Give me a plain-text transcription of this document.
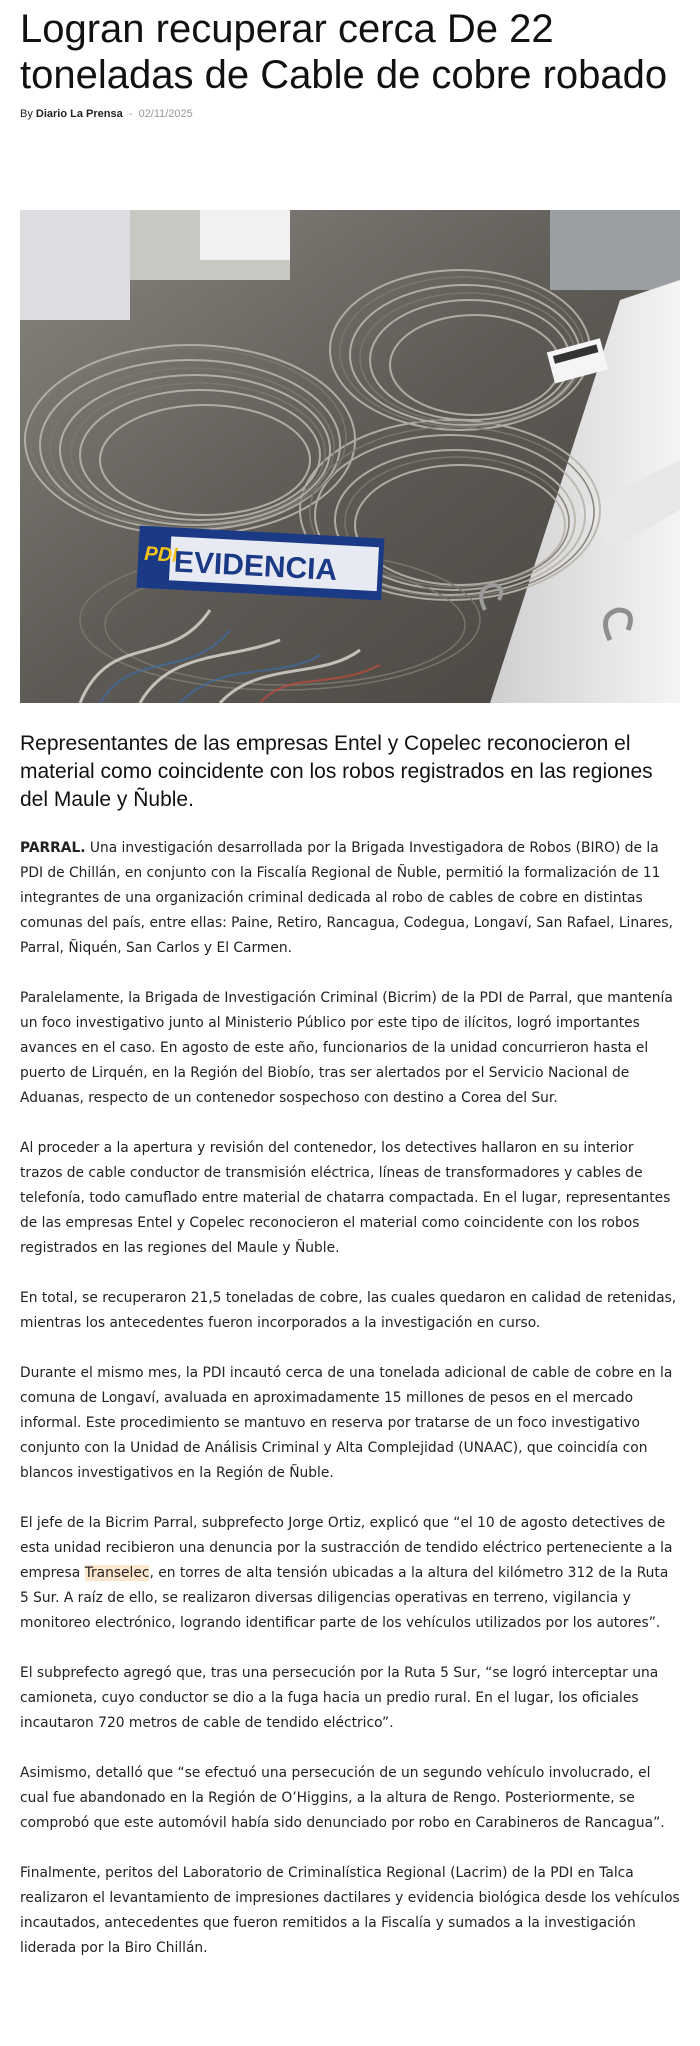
Logran recuperar cerca De 22 toneladas de Cable de cobre robado
By Diario La Prensa - 02/11/2025
PDI
EVIDENCIA

Representantes de las empresas Entel y Copelec reconocieron el material como coincidente con los robos registrados en las regiones del Maule y Ñuble.

PARRAL. Una investigación desarrollada por la Brigada Investigadora de Robos (BIRO) de la PDI de Chillán, en conjunto con la Fiscalía Regional de Ñuble, permitió la formalización de 11 integrantes de una organización criminal dedicada al robo de cables de cobre en distintas comunas del país, entre ellas: Paine, Retiro, Rancagua, Codegua, Longaví, San Rafael, Linares, Parral, Ñiquén, San Carlos y El Carmen.

Paralelamente, la Brigada de Investigación Criminal (Bicrim) de la PDI de Parral, que mantenía un foco investigativo junto al Ministerio Público por este tipo de ilícitos, logró importantes avances en el caso. En agosto de este año, funcionarios de la unidad concurrieron hasta el puerto de Lirquén, en la Región del Biobío, tras ser alertados por el Servicio Nacional de Aduanas, respecto de un contenedor sospechoso con destino a Corea del Sur.

Al proceder a la apertura y revisión del contenedor, los detectives hallaron en su interior trazos de cable conductor de transmisión eléctrica, líneas de transformadores y cables de telefonía, todo camuflado entre material de chatarra compactada. En el lugar, representantes de las empresas Entel y Copelec reconocieron el material como coincidente con los robos registrados en las regiones del Maule y Ñuble.

En total, se recuperaron 21,5 toneladas de cobre, las cuales quedaron en calidad de retenidas, mientras los antecedentes fueron incorporados a la investigación en curso.

Durante el mismo mes, la PDI incautó cerca de una tonelada adicional de cable de cobre en la comuna de Longaví, avaluada en aproximadamente 15 millones de pesos en el mercado informal. Este procedimiento se mantuvo en reserva por tratarse de un foco investigativo conjunto con la Unidad de Análisis Criminal y Alta Complejidad (UNAAC), que coincidía con blancos investigativos en la Región de Ñuble.

El jefe de la Bicrim Parral, subprefecto Jorge Ortiz, explicó que “el 10 de agosto detectives de esta unidad recibieron una denuncia por la sustracción de tendido eléctrico perteneciente a la empresa Transelec, en torres de alta tensión ubicadas a la altura del kilómetro 312 de la Ruta 5 Sur. A raíz de ello, se realizaron diversas diligencias operativas en terreno, vigilancia y monitoreo electrónico, logrando identificar parte de los vehículos utilizados por los autores”.

El subprefecto agregó que, tras una persecución por la Ruta 5 Sur, “se logró interceptar una camioneta, cuyo conductor se dio a la fuga hacia un predio rural. En el lugar, los oficiales incautaron 720 metros de cable de tendido eléctrico”.

Asimismo, detalló que “se efectuó una persecución de un segundo vehículo involucrado, el cual fue abandonado en la Región de O’Higgins, a la altura de Rengo. Posteriormente, se comprobó que este automóvil había sido denunciado por robo en Carabineros de Rancagua”.

Finalmente, peritos del Laboratorio de Criminalística Regional (Lacrim) de la PDI en Talca realizaron el levantamiento de impresiones dactilares y evidencia biológica desde los vehículos incautados, antecedentes que fueron remitidos a la Fiscalía y sumados a la investigación liderada por la Biro Chillán.
